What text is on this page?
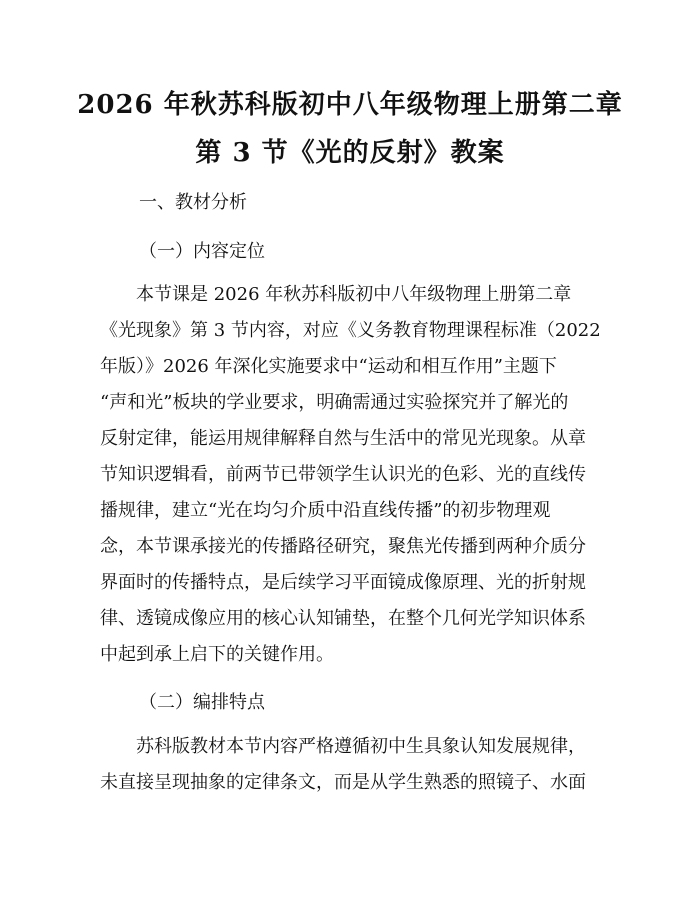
2026 年秋苏科版初中八年级物理上册第二章
第 3 节《光的反射》教案
一、教材分析
（一）内容定位
　　本节课是 2026 年秋苏科版初中八年级物理上册第二章
《光现象》第 3 节内容，对应《义务教育物理课程标准（2022
年版）》2026 年深化实施要求中“运动和相互作用”主题下
“声和光”板块的学业要求，明确需通过实验探究并了解光的
反射定律，能运用规律解释自然与生活中的常见光现象。从章
节知识逻辑看，前两节已带领学生认识光的色彩、光的直线传
播规律，建立“光在均匀介质中沿直线传播”的初步物理观
念，本节课承接光的传播路径研究，聚焦光传播到两种介质分
界面时的传播特点，是后续学习平面镜成像原理、光的折射规
律、透镜成像应用的核心认知铺垫，在整个几何光学知识体系
中起到承上启下的关键作用。
（二）编排特点
　　苏科版教材本节内容严格遵循初中生具象认知发展规律，
未直接呈现抽象的定律条文，而是从学生熟悉的照镜子、水面
